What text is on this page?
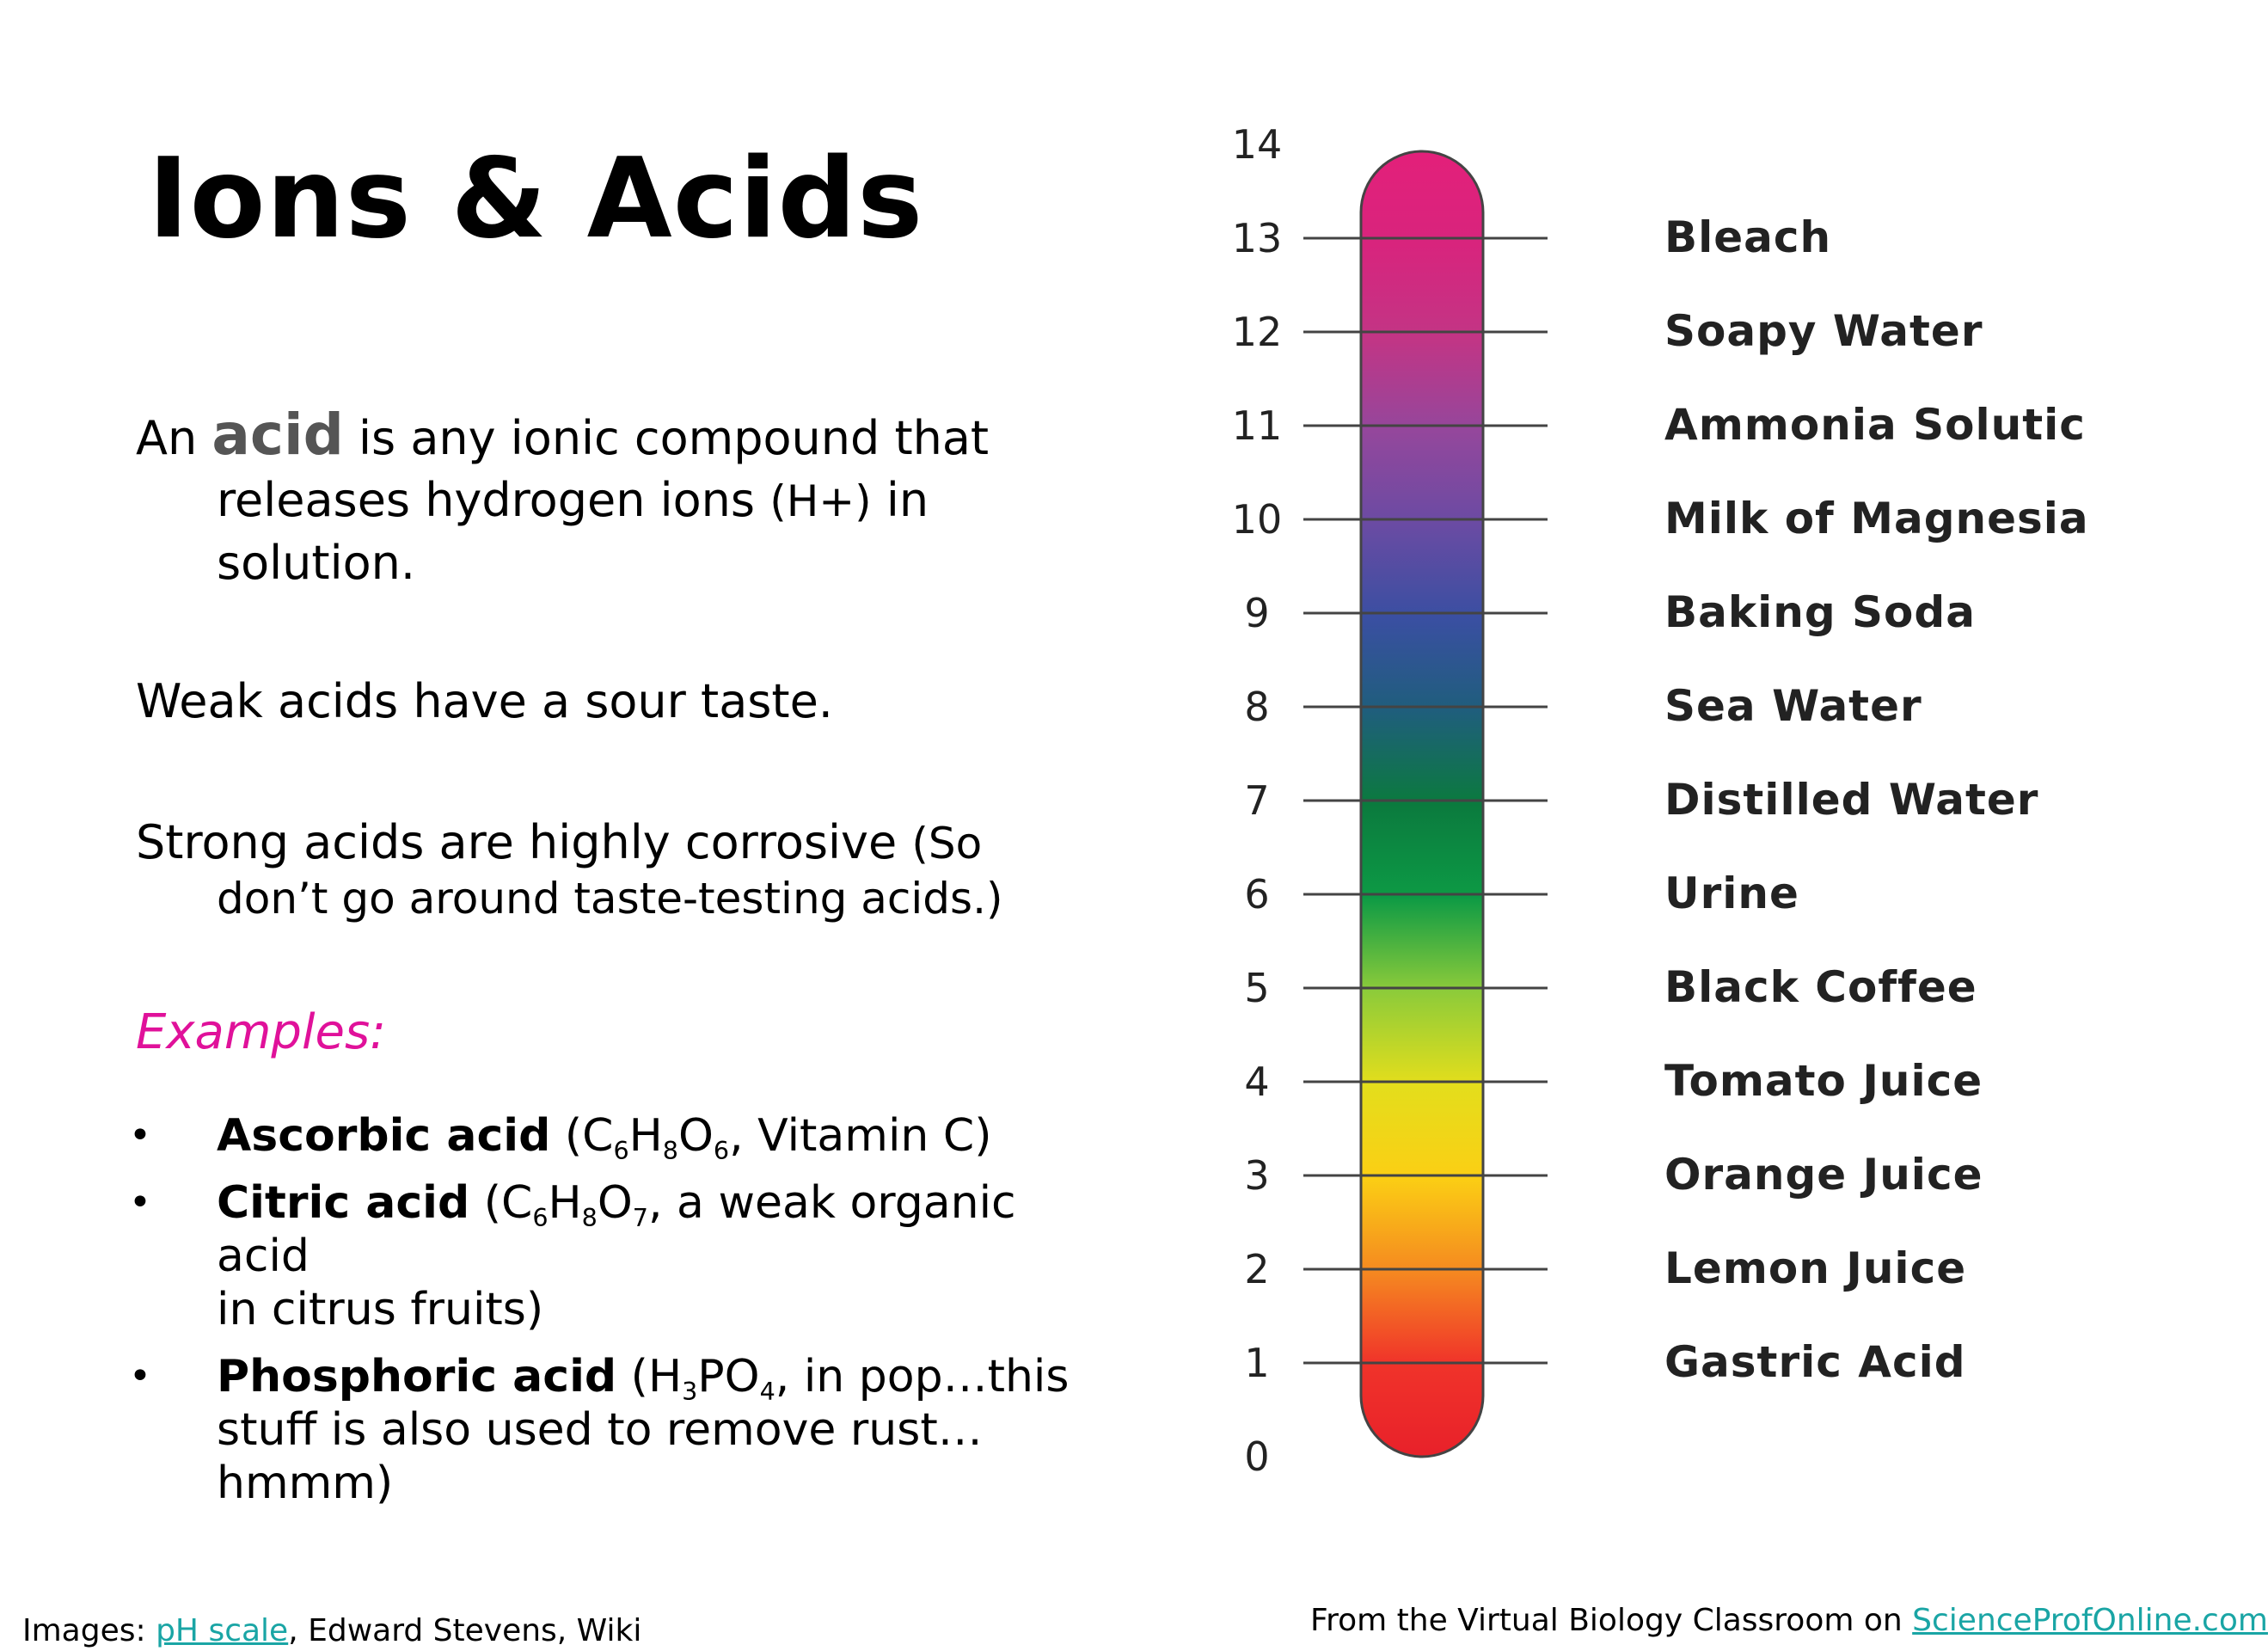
Ions & Acids
An acid is any ionic compound that
releases hydrogen ions (H+) in
solution.
Weak acids have a sour taste.
Strong acids are highly corrosive (So
don’t go around taste-testing acids.)
Examples:
• Ascorbic acid ($C_6H_8O_6$, Vitamin C)
• Citric acid ($C_6H_8O_7$, a weak organic acid
in citrus fruits)
• Phosphoric acid ($H_3PO_4$, in pop…this
stuff is also used to remove rust…hmmm)
0
1
2
3
4
5
6
7
8
9
10
11
12
13
14
Gastric Acid
Lemon Juice
Orange Juice
Tomato Juice
Black Coffee
Urine
Distilled Water
Sea Water
Baking Soda
Milk of Magnesia
Ammonia Solutic
Soapy Water
Bleach
Images: pH scale, Edward Stevens, Wiki	From the Virtual Biology Classroom on ScienceProfOnline.com
